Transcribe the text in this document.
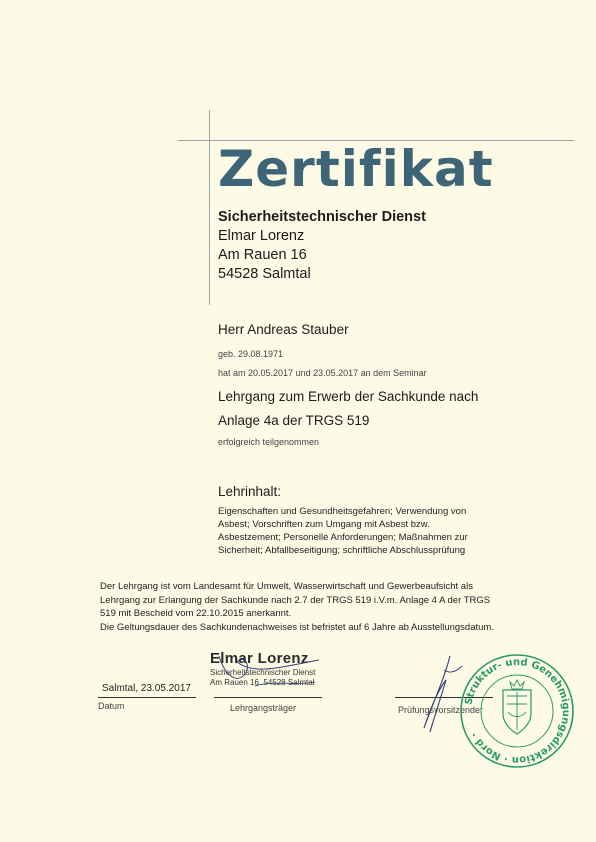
Zertifikat
Sicherheitstechnischer Dienst
Elmar Lorenz
Am Rauen 16
54528 Salmtal
Herr Andreas Stauber
geb. 29.08.1971
hat am 20.05.2017 und 23.05.2017 an dem Seminar
Lehrgang zum Erwerb der Sachkunde nach
Anlage 4a der TRGS 519
erfolgreich teilgenommen
Lehrinhalt:
Eigenschaften und Gesundheitsgefahren; Verwendung von
Asbest; Vorschriften zum Umgang mit Asbest bzw.
Asbestzement; Personelle Anforderungen; Maßnahmen zur
Sicherheit; Abfallbeseitigung; schriftliche Abschlussprüfung
Der Lehrgang ist vom Landesamt für Umwelt, Wasserwirtschaft und Gewerbeaufsicht als
Lehrgang zur Erlangung der Sachkunde nach 2.7 der TRGS 519 i.V.m. Anlage 4 A der TRGS
519 mit Bescheid vom 22.10.2015 anerkannt.
Die Geltungsdauer des Sachkundenachweises ist befristet auf 6 Jahre ab Ausstellungsdatum.
Elmar Lorenz
Sicherheitstechnischer Dienst
Am Rauen 16  54528 Salmtal
Salmtal, 23.05.2017
Datum	Lehrgangsträger	Prüfungsvorsitzender
Struktur- und Genehmigungsdirektion · Nord ·
